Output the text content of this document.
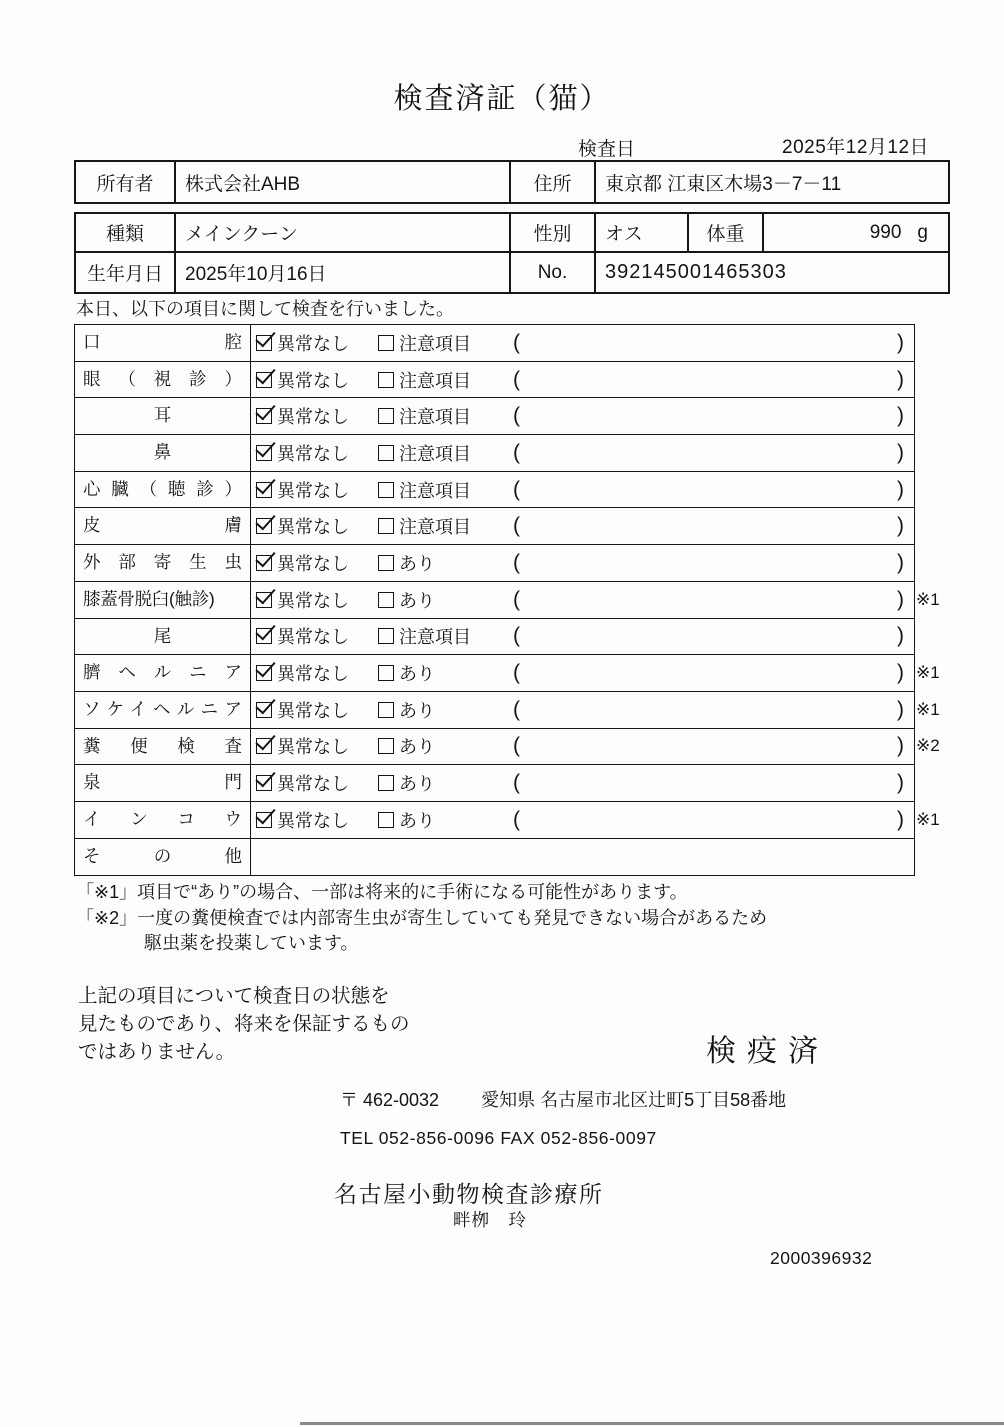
検査済証（猫）
検査日	2025年12月12日
所有者	株式会社AHB	住所	東京都 江東区木場3－7－11
種類	メインクーン	性別	オス	体重	990 g
生年月日	2025年10月16日	No.	392145001465303
本日、以下の項目に関して検査を行いました。
口腔	異常なし	注意項目 (	)
眼（視診）	異常なし	注意項目 (	)
耳	異常なし	注意項目 (	)
鼻	異常なし	注意項目 (	)
心臓（聴診）	異常なし	注意項目 (	)
皮膚	異常なし	注意項目 (	)
外部寄生虫	異常なし	あり	(	)
膝蓋骨脱臼(触診)	異常なし	あり	(	) ※1
尾	異常なし	注意項目 (	)
臍ヘルニア	異常なし	あり	(	) ※1
ソケイヘルニア	異常なし	あり	(	) ※1
糞便検査	異常なし	あり	(	) ※2
泉門	異常なし	あり	(	)
インコウ	異常なし	あり	(	) ※1
その他
「※1」項目で“あり”の場合、一部は将来的に手術になる可能性があります。
「※2」一度の糞便検査では内部寄生虫が寄生していても発見できない場合があるため
駆虫薬を投薬しています。
上記の項目について検査日の状態を
見たものであり、将来を保証するもの
ではありません。	検疫済
〒 462-0032 愛知県 名古屋市北区辻町5丁目58番地
TEL 052-856-0096 FAX 052-856-0097
名古屋小動物検査診療所
畔栁　玲
2000396932
